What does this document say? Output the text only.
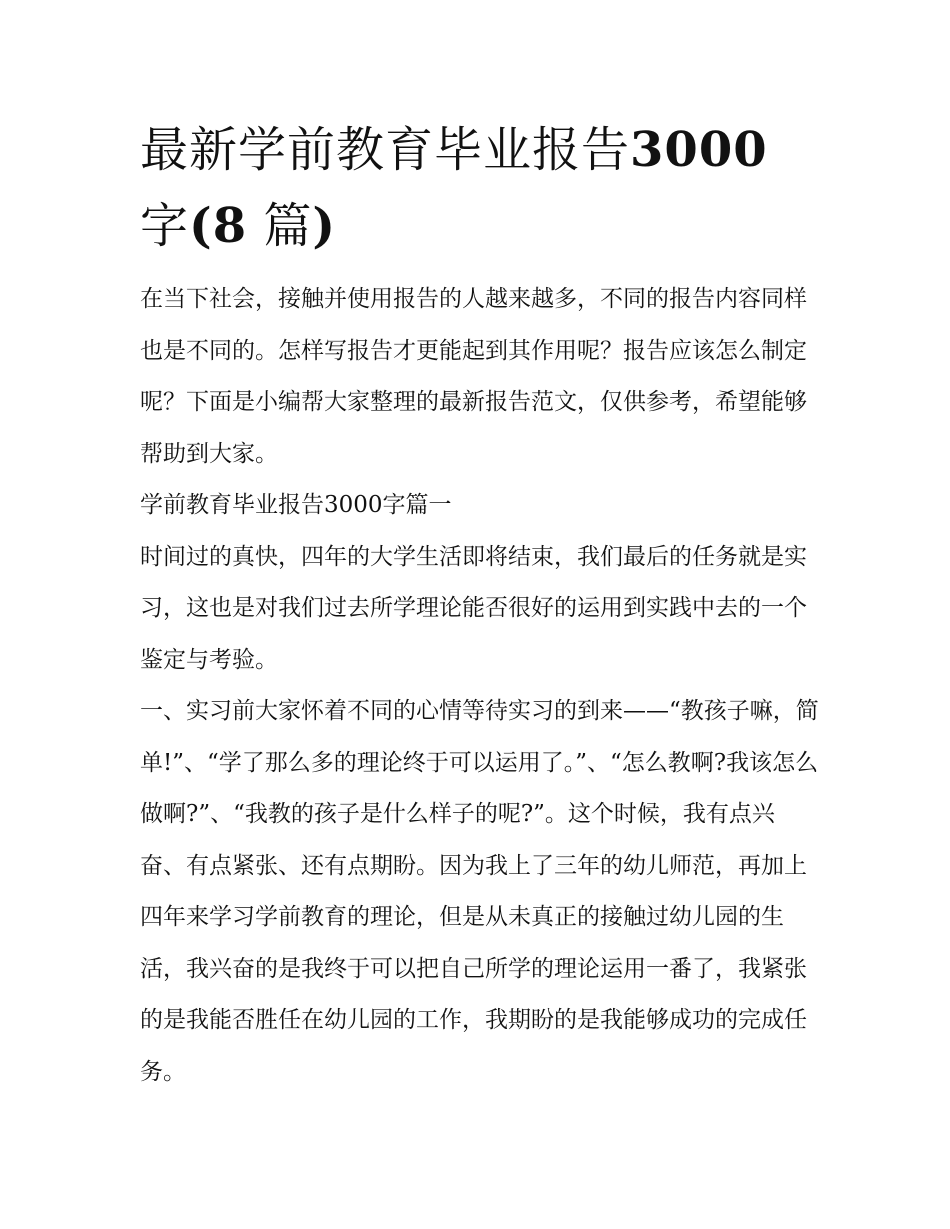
最新学前教育毕业报告3000
字(8 篇)

在当下社会，接触并使用报告的人越来越多，不同的报告内容同样也是不同的。怎样写报告才更能起到其作用呢？报告应该怎么制定呢？下面是小编帮大家整理的最新报告范文，仅供参考，希望能够帮助到大家。

学前教育毕业报告3000字篇一

时间过的真快，四年的大学生活即将结束，我们最后的任务就是实习，这也是对我们过去所学理论能否很好的运用到实践中去的一个鉴定与考验。

一、实习前大家怀着不同的心情等待实习的到来——“教孩子嘛，简单!”、“学了那么多的理论终于可以运用了。”、“怎么教啊?我该怎么做啊?”、“我教的孩子是什么样子的呢?”。这个时候，我有点兴奋、有点紧张、还有点期盼。因为我上了三年的幼儿师范，再加上四年来学习学前教育的理论，但是从未真正的接触过幼儿园的生活，我兴奋的是我终于可以把自己所学的理论运用一番了，我紧张的是我能否胜任在幼儿园的工作，我期盼的是我能够成功的完成任务。
